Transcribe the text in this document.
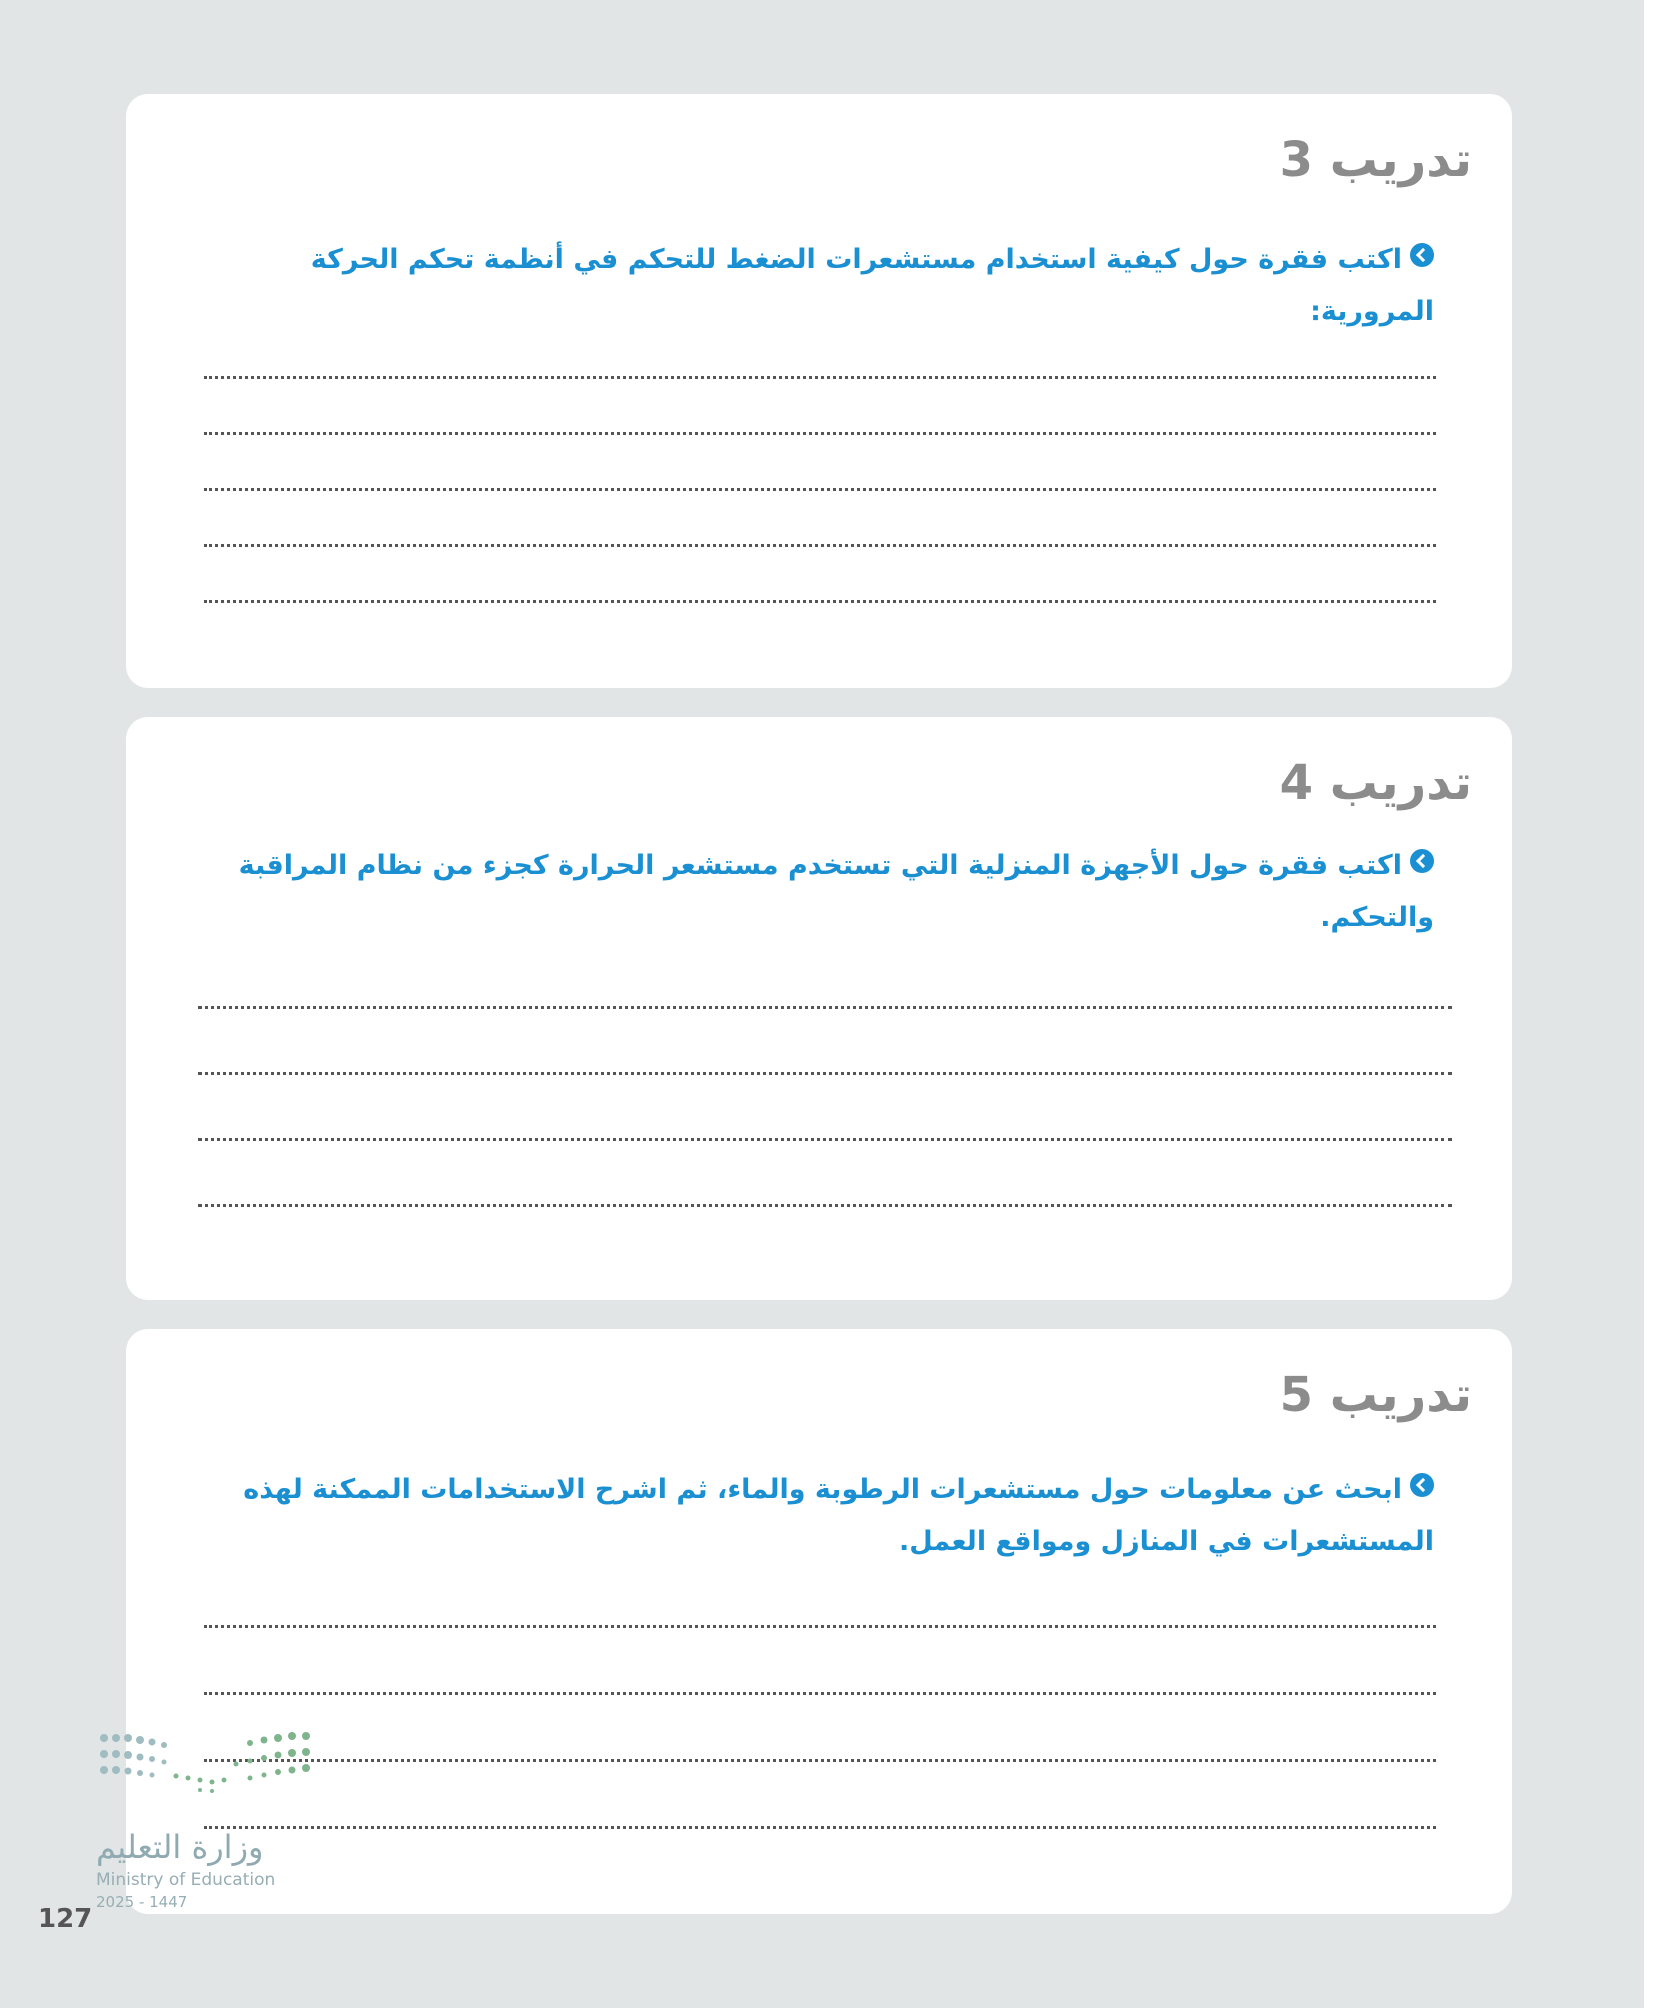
تدريب 3

اكتب فقرة حول كيفية استخدام مستشعرات الضغط للتحكم في أنظمة تحكم الحركة
المرورية:

تدريب 4

اكتب فقرة حول الأجهزة المنزلية التي تستخدم مستشعر الحرارة كجزء من نظام المراقبة
والتحكم.

تدريب 5

ابحث عن معلومات حول مستشعرات الرطوبة والماء، ثم اشرح الاستخدامات الممكنة لهذه
المستشعرات في المنازل ومواقع العمل.

وزارة التعليم
Ministry of Education
2025 - 1447
127
